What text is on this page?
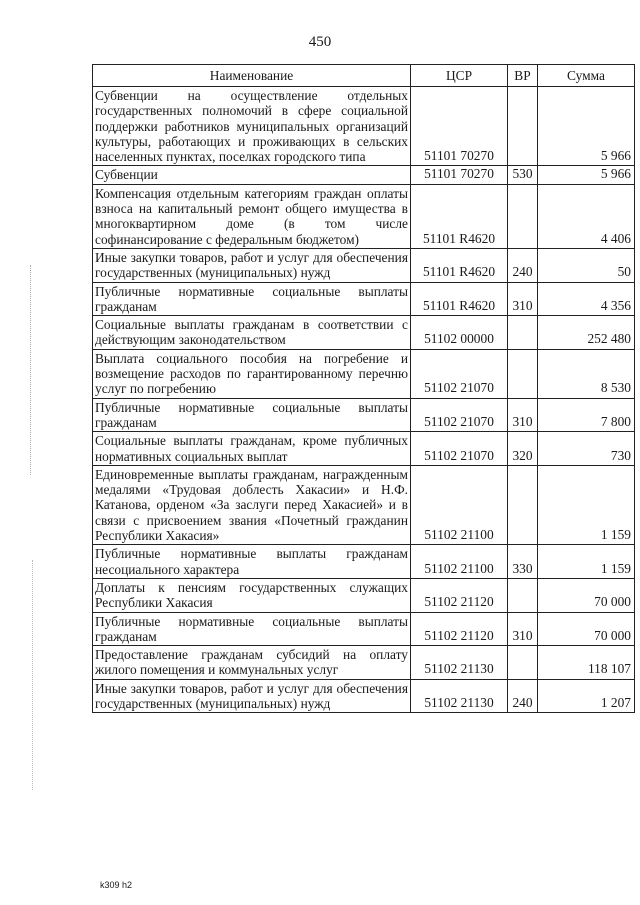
450
Наименование	ЦСР	ВР	Сумма
Субвенции на осуществление отдельных государственных полномочий в сфере социальной поддержки работников муниципальных организаций культуры, работающих и проживающих в сельских населенных пунктах, поселках городского типа	51101 70270		5 966
Субвенции	51101 70270	530	5 966
Компенсация отдельным категориям граждан оплаты взноса на капитальный ремонт общего имущества в многоквартирном доме (в том числе софинансирование с федеральным бюджетом)	51101 R4620		4 406
Иные закупки товаров, работ и услуг для обеспечения государственных (муниципальных) нужд	51101 R4620	240	50
Публичные нормативные социальные выплаты гражданам	51101 R4620	310	4 356
Социальные выплаты гражданам в соответствии с действующим законодательством	51102 00000		252 480
Выплата социального пособия на погребение и возмещение расходов по гарантированному перечню услуг по погребению	51102 21070		8 530
Публичные нормативные социальные выплаты гражданам	51102 21070	310	7 800
Социальные выплаты гражданам, кроме публичных нормативных социальных выплат	51102 21070	320	730
Единовременные выплаты гражданам, награжденным медалями «Трудовая доблесть Хакасии» и Н.Ф. Катанова, орденом «За заслуги перед Хакасией» и в связи с присвоением звания «Почетный гражданин Республики Хакасия»	51102 21100		1 159
Публичные нормативные выплаты гражданам несоциального характера	51102 21100	330	1 159
Доплаты к пенсиям государственных служащих Республики Хакасия	51102 21120		70 000
Публичные нормативные социальные выплаты гражданам	51102 21120	310	70 000
Предоставление гражданам субсидий на оплату жилого помещения и коммунальных услуг	51102 21130		118 107
Иные закупки товаров, работ и услуг для обеспечения государственных (муниципальных) нужд	51102 21130	240	1 207
k309 h2
